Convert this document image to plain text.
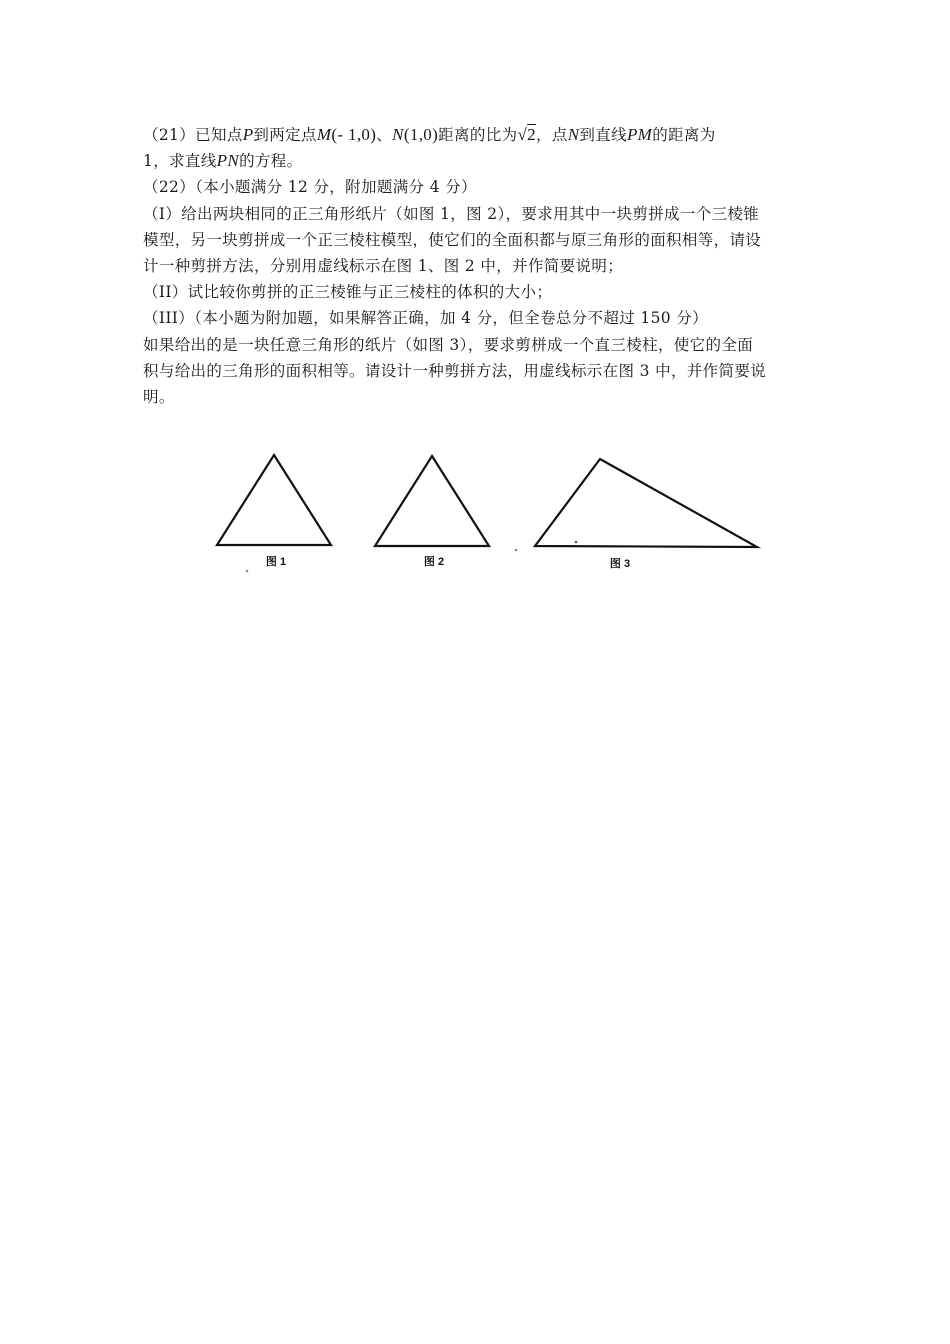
（21）已知点P到两定点M(- 1,0)、N(1,0)距离的比为√2，点N到直线PM的距离为
1，求直线PN的方程。
（22）（本小题满分 12 分，附加题满分 4 分）
（I）给出两块相同的正三角形纸片（如图 1，图 2），要求用其中一块剪拼成一个三棱锥
模型，另一块剪拼成一个正三棱柱模型，使它们的全面积都与原三角形的面积相等，请设
计一种剪拼方法，分别用虚线标示在图 1、图 2 中，并作简要说明；
（II）试比较你剪拼的正三棱锥与正三棱柱的体积的大小；
（III）（本小题为附加题，如果解答正确，加 4 分，但全卷总分不超过 150 分）
如果给出的是一块任意三角形的纸片（如图 3），要求剪栟成一个直三棱柱，使它的全面
积与给出的三角形的面积相等。请设计一种剪拼方法，用虚线标示在图 3 中，并作简要说
明。
图 1	图 2	图 3
